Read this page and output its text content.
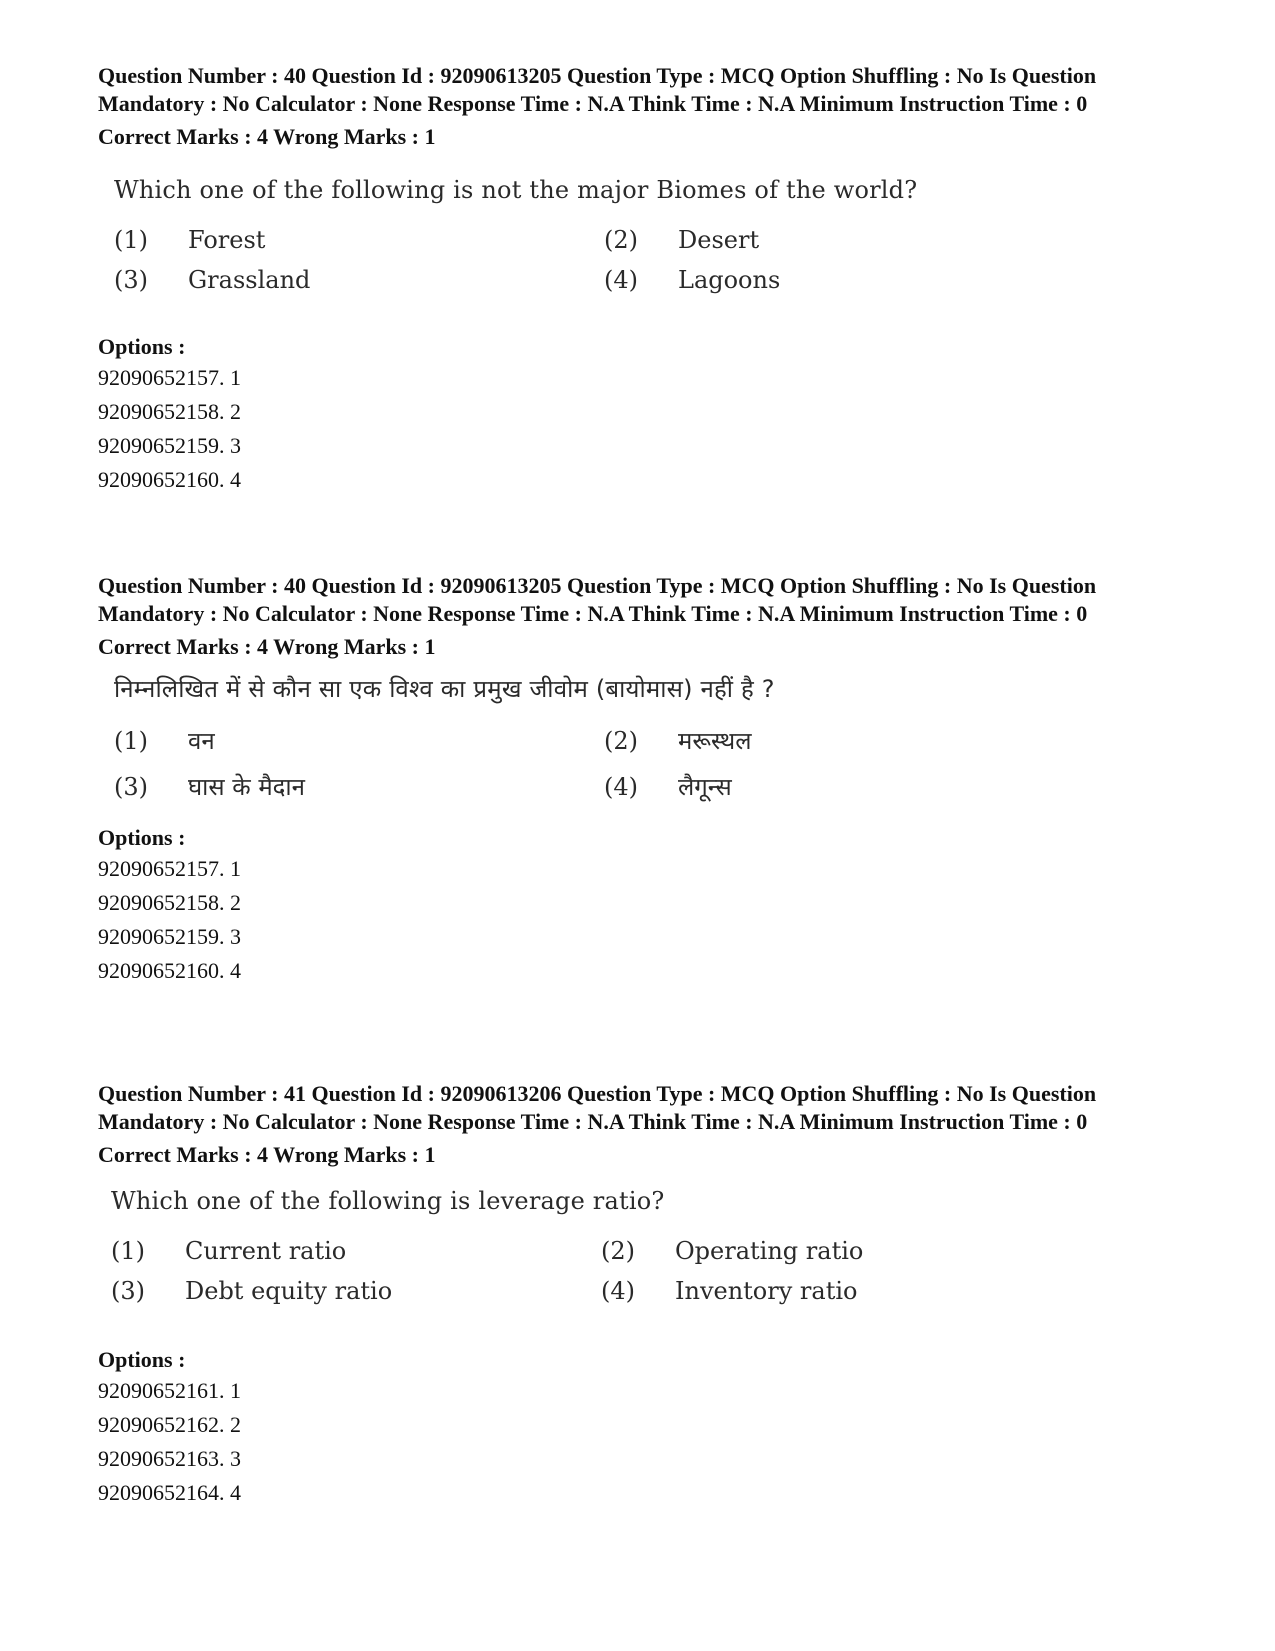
Question Number : 40 Question Id : 92090613205 Question Type : MCQ Option Shuffling : No Is Question Mandatory : No Calculator : None Response Time : N.A Think Time : N.A Minimum Instruction Time : 0

Correct Marks : 4 Wrong Marks : 1
Which one of the following is not the major Biomes of the world?
(1)	Forest	(2)	Desert
(3)	Grassland	(4)	Lagoons
Options :
92090652157. 1
92090652158. 2
92090652159. 3
92090652160. 4

Question Number : 40 Question Id : 92090613205 Question Type : MCQ Option Shuffling : No Is Question Mandatory : No Calculator : None Response Time : N.A Think Time : N.A Minimum Instruction Time : 0

Correct Marks : 4 Wrong Marks : 1
निम्नलिखित में से कौन सा एक विश्व का प्रमुख जीवोम (बायोमास) नहीं है ?
(1)	वन	(2)	मरूस्थल
(3)	घास के मैदान	(4)	लैगून्स
Options :
92090652157. 1
92090652158. 2
92090652159. 3
92090652160. 4

Question Number : 41 Question Id : 92090613206 Question Type : MCQ Option Shuffling : No Is Question Mandatory : No Calculator : None Response Time : N.A Think Time : N.A Minimum Instruction Time : 0

Correct Marks : 4 Wrong Marks : 1
Which one of the following is leverage ratio?
(1)	Current ratio	(2)	Operating ratio
(3)	Debt equity ratio	(4)	Inventory ratio
Options :
92090652161. 1
92090652162. 2
92090652163. 3
92090652164. 4
